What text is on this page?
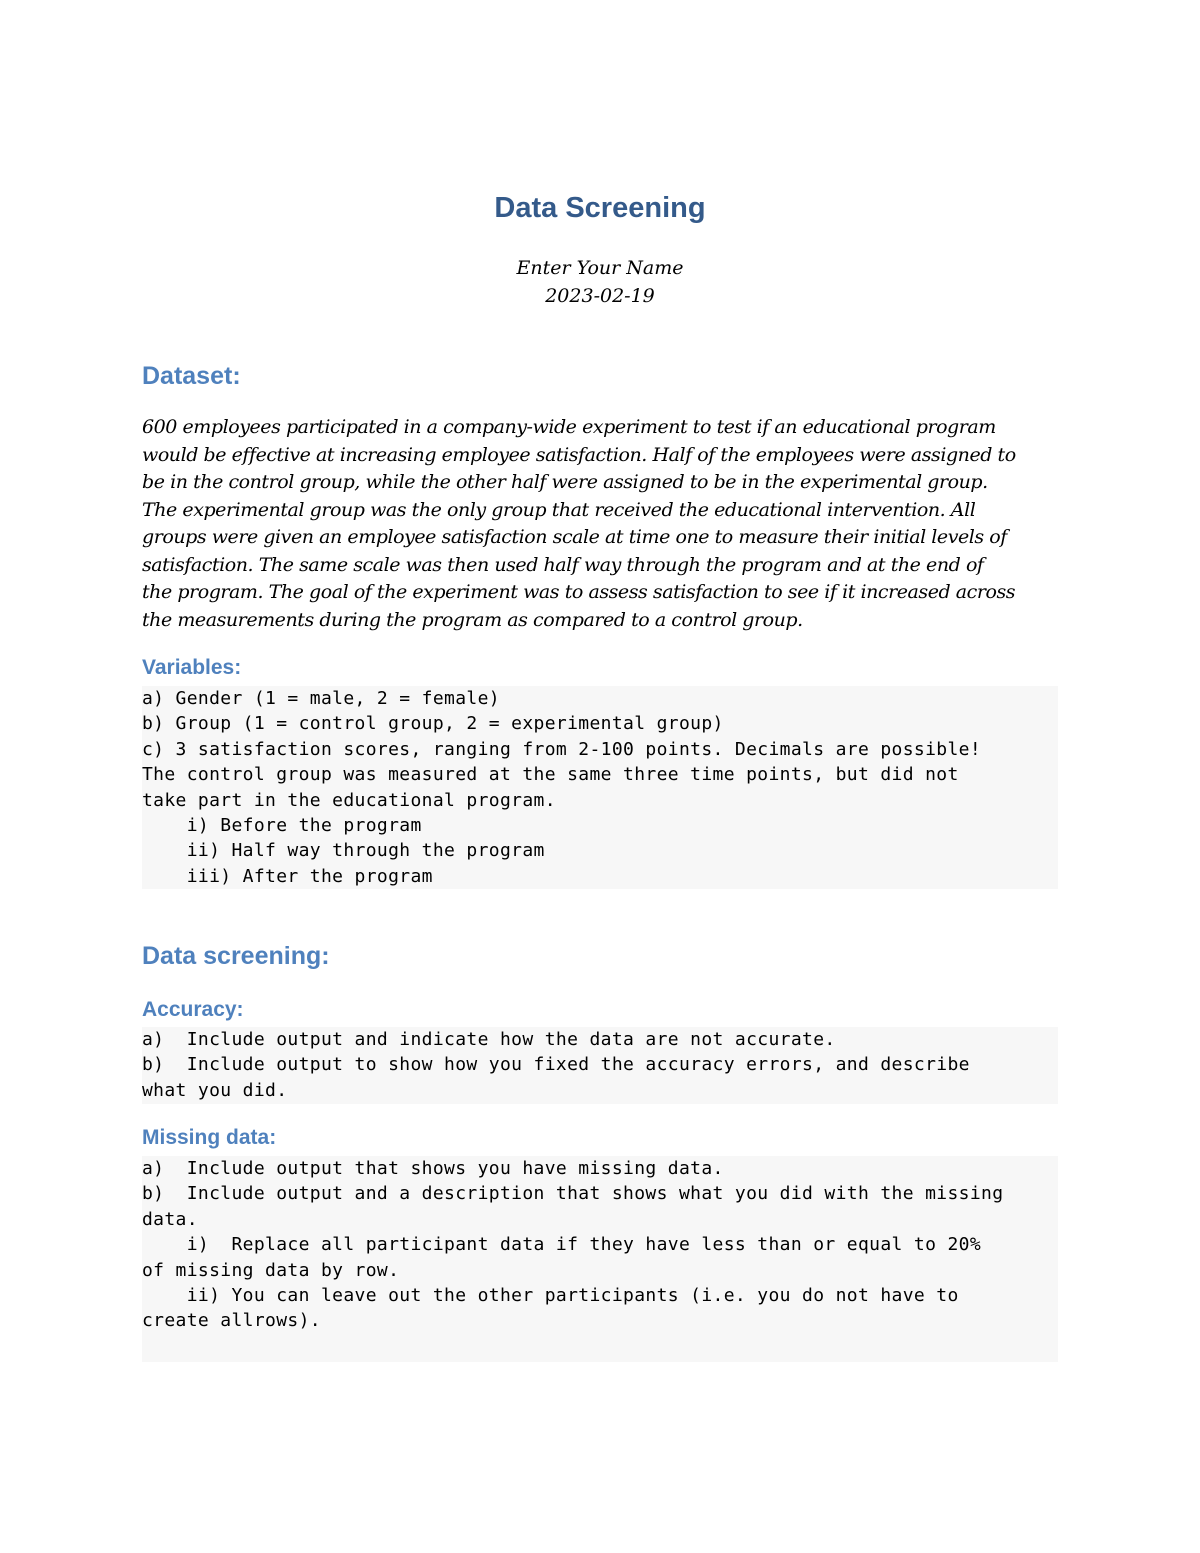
Data Screening

Enter Your Name

2023-02-19

Dataset:
600 employees participated in a company-wide experiment to test if an educational program
would be effective at increasing employee satisfaction. Half of the employees were assigned to
be in the control group, while the other half were assigned to be in the experimental group.
The experimental group was the only group that received the educational intervention. All
groups were given an employee satisfaction scale at time one to measure their initial levels of
satisfaction. The same scale was then used half way through the program and at the end of
the program. The goal of the experiment was to assess satisfaction to see if it increased across
the measurements during the program as compared to a control group.
Variables:
a) Gender (1 = male, 2 = female)
b) Group (1 = control group, 2 = experimental group)
c) 3 satisfaction scores, ranging from 2-100 points. Decimals are possible!
The control group was measured at the same three time points, but did not
take part in the educational program.
i) Before the program
ii) Half way through the program
iii) After the program
Data screening:
Accuracy:
a)  Include output and indicate how the data are not accurate.
b)  Include output to show how you fixed the accuracy errors, and describe
what you did.
Missing data:
a)  Include output that shows you have missing data.
b)  Include output and a description that shows what you did with the missing
data.
i)  Replace all participant data if they have less than or equal to 20%
of missing data by row.
ii) You can leave out the other participants (i.e. you do not have to
create allrows).
